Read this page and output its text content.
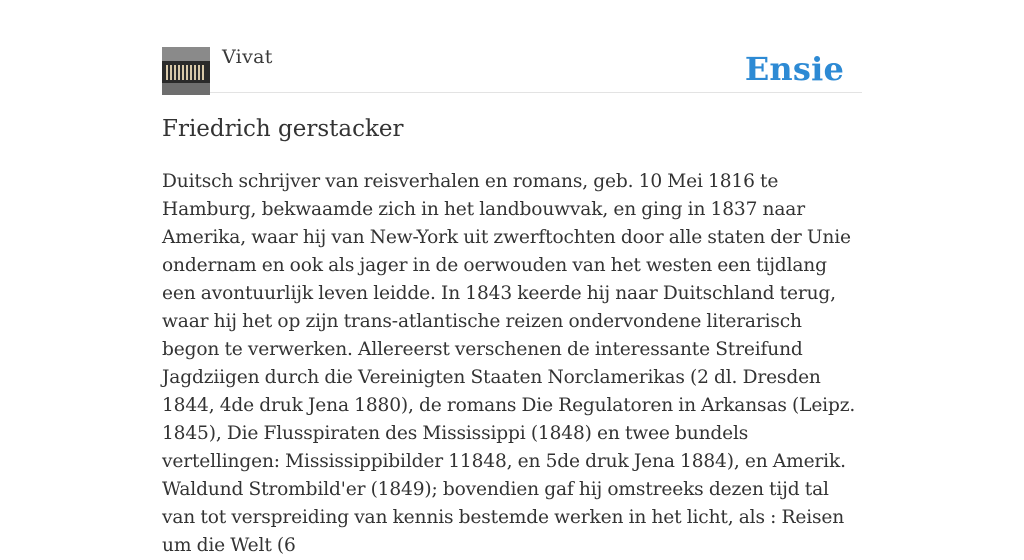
Vivat	Ensie
Friedrich gerstacker

Duitsch schrijver van reisverhalen en romans, geb. 10 Mei 1816 te Hamburg, bekwaamde zich in het landbouwvak, en ging in 1837 naar Amerika, waar hij van New-York uit zwerftochten door alle staten der Unie ondernam en ook als jager in de oerwouden van het westen een tijdlang een avontuurlijk leven leidde. In 1843 keerde hij naar Duitschland terug, waar hij het op zijn trans-atlantische reizen ondervondene literarisch begon te verwerken. Allereerst verschenen de interessante Streifund Jagdziigen durch die Vereinigten Staaten Norclamerikas (2 dl. Dresden 1844, 4de druk Jena 1880), de romans Die Regulatoren in Arkansas (Leipz. 1845), Die Flusspiraten des Mississippi (1848) en twee bundels vertellingen: Mississippibilder 11848, en 5de druk Jena 1884), en Amerik. Waldund Strombild'er (1849); bovendien gaf hij omstreeks dezen tijd tal van tot verspreiding van kennis bestemde werken in het licht, als : Reisen um die Welt (6
